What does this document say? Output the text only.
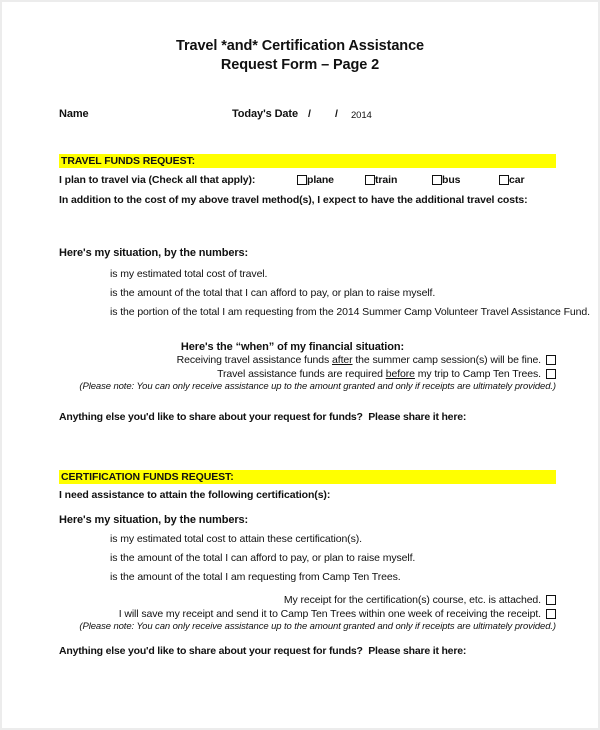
Travel *and* Certification Assistance
Request Form – Page 2
Name	Today's Date / / 2014
TRAVEL FUNDS REQUEST:
I plan to travel via (Check all that apply):	plane	train	bus	car
In addition to the cost of my above travel method(s), I expect to have the additional travel costs:
Here's my situation, by the numbers:
is my estimated total cost of travel.
is the amount of the total that I can afford to pay, or plan to raise myself.
is the portion of the total I am requesting from the 2014 Summer Camp Volunteer Travel Assistance Fund.
Here's the “when” of my financial situation:
Receiving travel assistance funds after the summer camp session(s) will be fine.
Travel assistance funds are required before my trip to Camp Ten Trees.
(Please note: You can only receive assistance up to the amount granted and only if receipts are ultimately provided.)
Anything else you'd like to share about your request for funds?  Please share it here:
CERTIFICATION FUNDS REQUEST:
I need assistance to attain the following certification(s):
Here's my situation, by the numbers:
is my estimated total cost to attain these certification(s).
is the amount of the total I can afford to pay, or plan to raise myself.
is the amount of the total I am requesting from Camp Ten Trees.
My receipt for the certification(s) course, etc. is attached.
I will save my receipt and send it to Camp Ten Trees within one week of receiving the receipt.
(Please note: You can only receive assistance up to the amount granted and only if receipts are ultimately provided.)
Anything else you'd like to share about your request for funds?  Please share it here:
